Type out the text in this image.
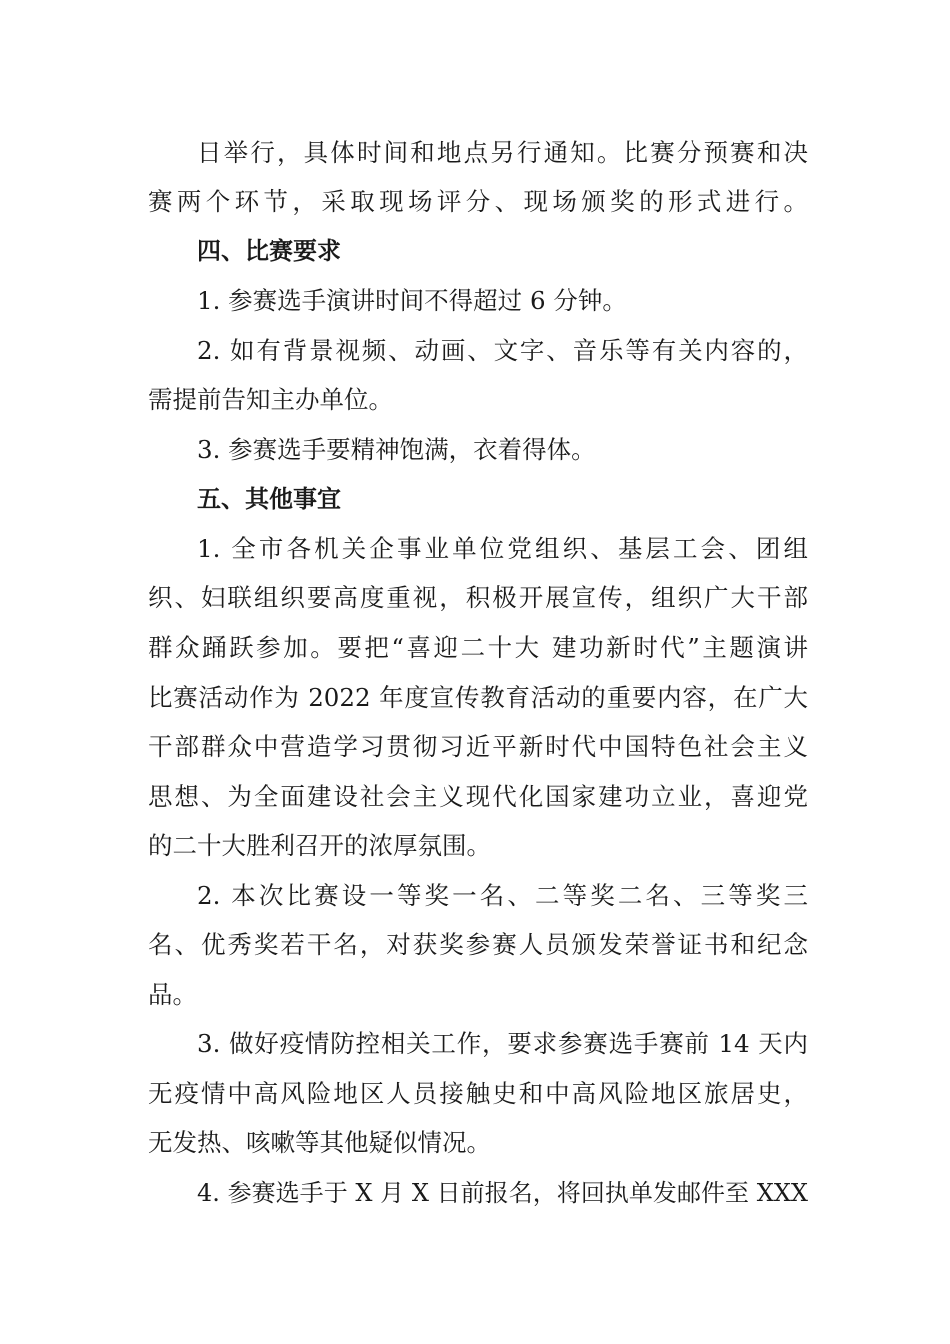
日举行，具体时间和地点另行通知。比赛分预赛和决
赛两个环节，采取现场评分、现场颁奖的形式进行。
四、比赛要求
1. 参赛选手演讲时间不得超过 6 分钟。
2. 如有背景视频、动画、文字、音乐等有关内容的，
需提前告知主办单位。
3. 参赛选手要精神饱满，衣着得体。
五、其他事宜
1. 全市各机关企事业单位党组织、基层工会、团组
织、妇联组织要高度重视，积极开展宣传，组织广大干部
群众踊跃参加。要把“喜迎二十大 建功新时代”主题演讲
比赛活动作为 2022 年度宣传教育活动的重要内容，在广大
干部群众中营造学习贯彻习近平新时代中国特色社会主义
思想、为全面建设社会主义现代化国家建功立业，喜迎党
的二十大胜利召开的浓厚氛围。
2. 本次比赛设一等奖一名、二等奖二名、三等奖三
名、优秀奖若干名，对获奖参赛人员颁发荣誉证书和纪念
品。
3. 做好疫情防控相关工作，要求参赛选手赛前 14 天内
无疫情中高风险地区人员接触史和中高风险地区旅居史，
无发热、咳嗽等其他疑似情况。
4. 参赛选手于 X 月 X 日前报名，将回执单发邮件至 XXX
